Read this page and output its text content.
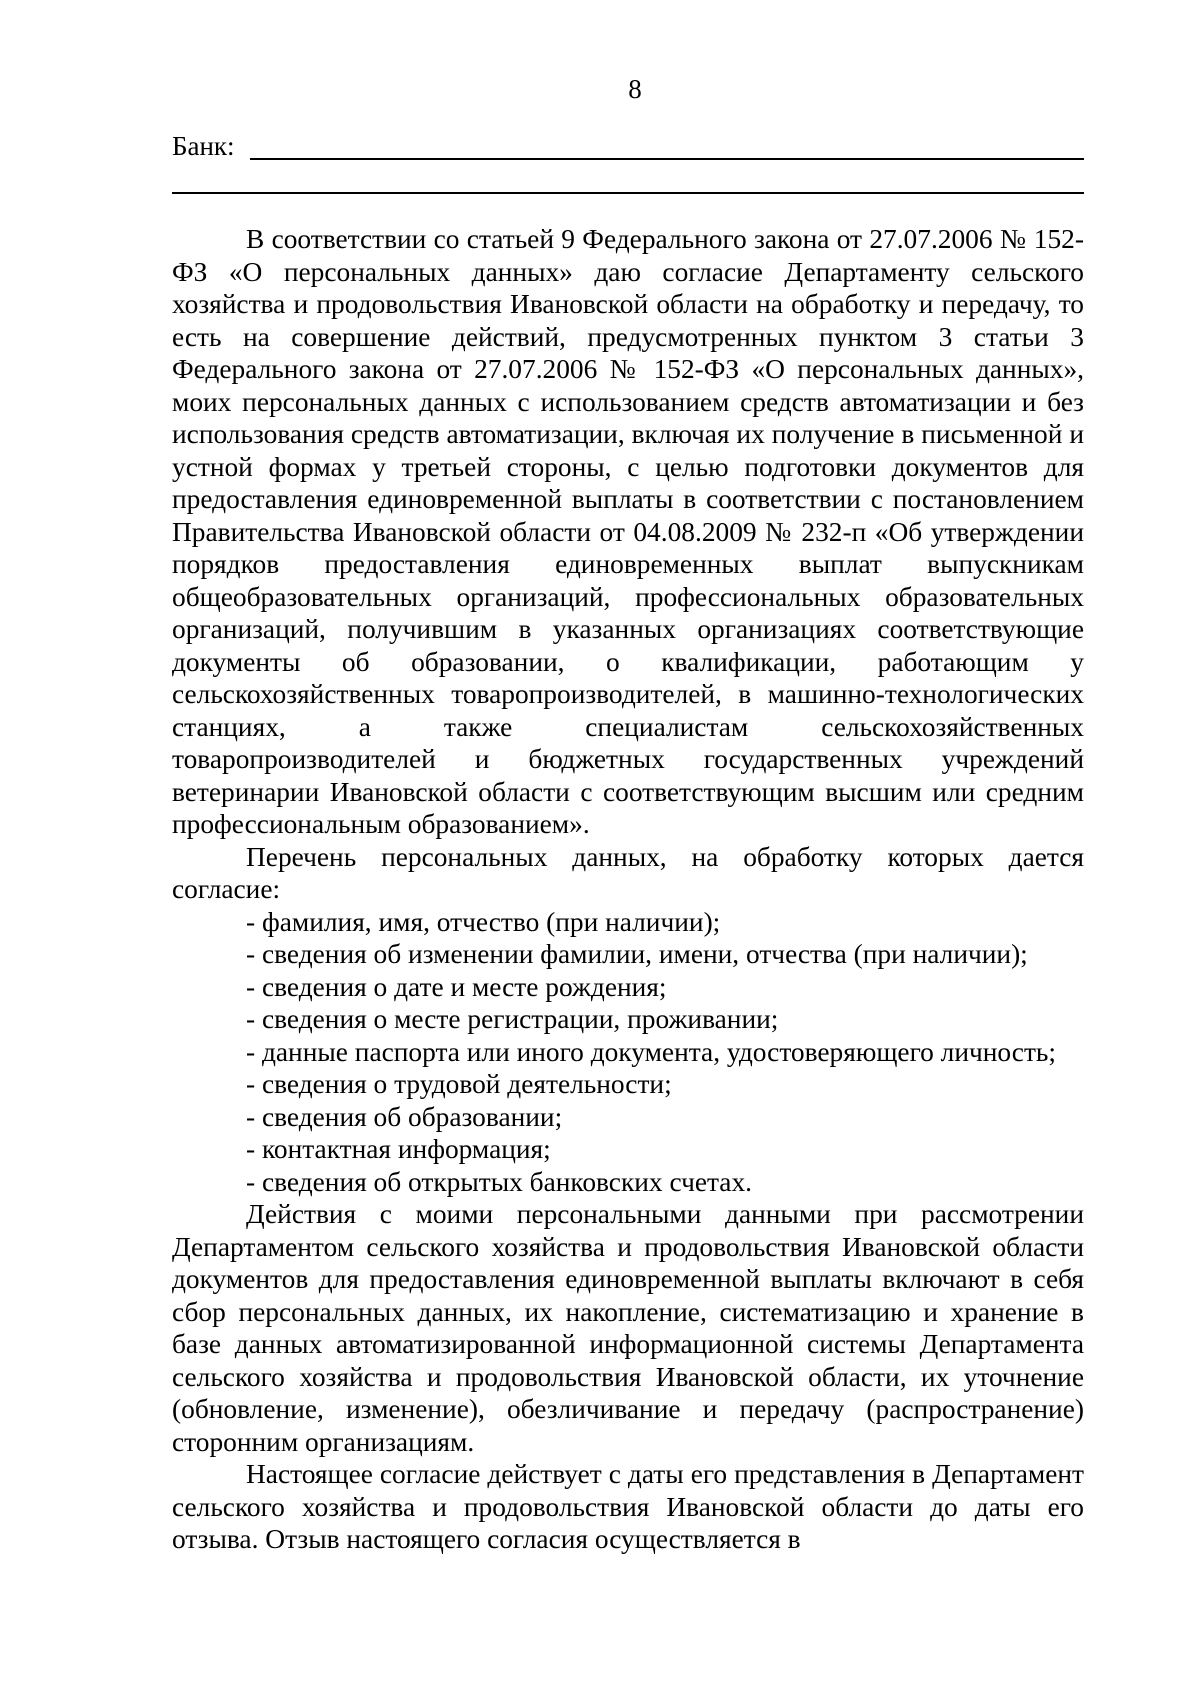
8
Банк:

В соответствии со статьей 9 Федерального закона от 27.07.2006 № 152-ФЗ «О персональных данных» даю согласие Департаменту сельского хозяйства и продовольствия Ивановской области на обработку и передачу, то есть на совершение действий, предусмотренных пунктом 3 статьи 3 Федерального закона от 27.07.2006 № 152-ФЗ «О персональных данных», моих персональных данных с использованием средств автоматизации и без использования средств автоматизации, включая их получение в письменной и устной формах у третьей стороны, с целью подготовки документов для предоставления единовременной выплаты в соответствии с постановлением Правительства Ивановской области от 04.08.2009 № 232-п «Об утверждении порядков предоставления единовременных выплат выпускникам общеобразовательных организаций, профессиональных образовательных организаций, получившим в указанных организациях соответствующие документы об образовании, о квалификации, работающим у сельскохозяйственных товаропроизводителей, в машинно-технологических станциях, а также специалистам сельскохозяйственных товаропроизводителей и бюджетных государственных учреждений ветеринарии Ивановской области с соответствующим высшим или средним профессиональным образованием».

Перечень персональных данных, на обработку которых дается согласие:

- фамилия, имя, отчество (при наличии);
- сведения об изменении фамилии, имени, отчества (при наличии);
- сведения о дате и месте рождения;
- сведения о месте регистрации, проживании;
- данные паспорта или иного документа, удостоверяющего личность;
- сведения о трудовой деятельности;
- сведения об образовании;
- контактная информация;
- сведения об открытых банковских счетах.

Действия с моими персональными данными при рассмотрении Департаментом сельского хозяйства и продовольствия Ивановской области документов для предоставления единовременной выплаты включают в себя сбор персональных данных, их накопление, систематизацию и хранение в базе данных автоматизированной информационной системы Департамента сельского хозяйства и продовольствия Ивановской области, их уточнение (обновление, изменение), обезличивание и передачу (распространение) сторонним организациям.

Настоящее согласие действует с даты его представления в Департамент сельского хозяйства и продовольствия Ивановской области до даты его отзыва. Отзыв настоящего согласия осуществляется в
